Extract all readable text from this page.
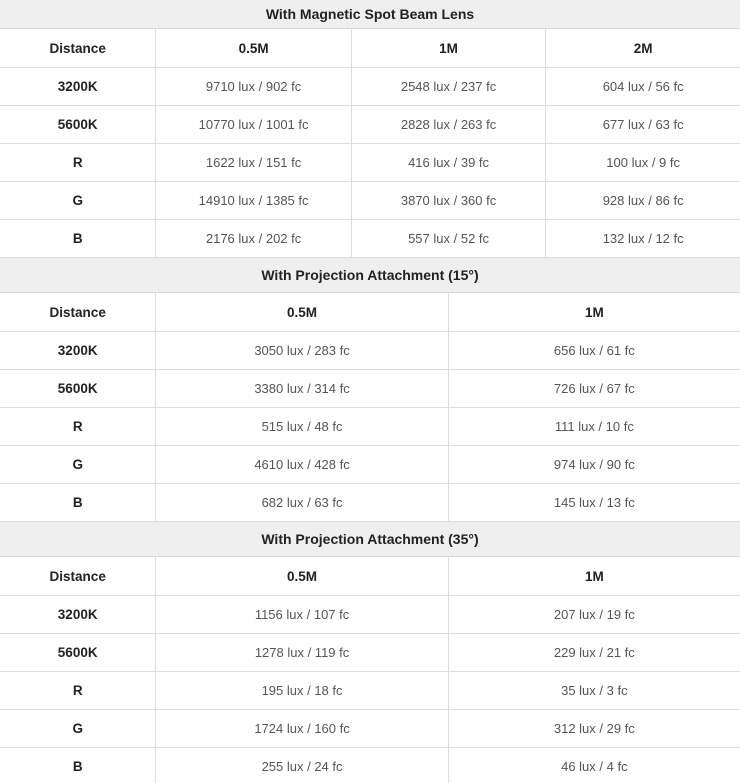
With Magnetic Spot Beam Lens
Distance	0.5M	1M	2M
3200K	9710 lux / 902 fc	2548 lux / 237 fc	604 lux / 56 fc
5600K	10770 lux / 1001 fc	2828 lux / 263 fc	677 lux / 63 fc
R	1622 lux / 151 fc	416 lux / 39 fc	100 lux / 9 fc
G	14910 lux / 1385 fc	3870 lux / 360 fc	928 lux / 86 fc
B	2176 lux / 202 fc	557 lux / 52 fc	132 lux / 12 fc
With Projection Attachment (15°)
Distance	0.5M	1M
3200K	3050 lux / 283 fc	656 lux / 61 fc
5600K	3380 lux / 314 fc	726 lux / 67 fc
R	515 lux / 48 fc	111 lux / 10 fc
G	4610 lux / 428 fc	974 lux / 90 fc
B	682 lux / 63 fc	145 lux / 13 fc
With Projection Attachment (35°)
Distance	0.5M	1M
3200K	1156 lux / 107 fc	207 lux / 19 fc
5600K	1278 lux / 119 fc	229 lux / 21 fc
R	195 lux / 18 fc	35 lux / 3 fc
G	1724 lux / 160 fc	312 lux / 29 fc
B	255 lux / 24 fc	46 lux / 4 fc
